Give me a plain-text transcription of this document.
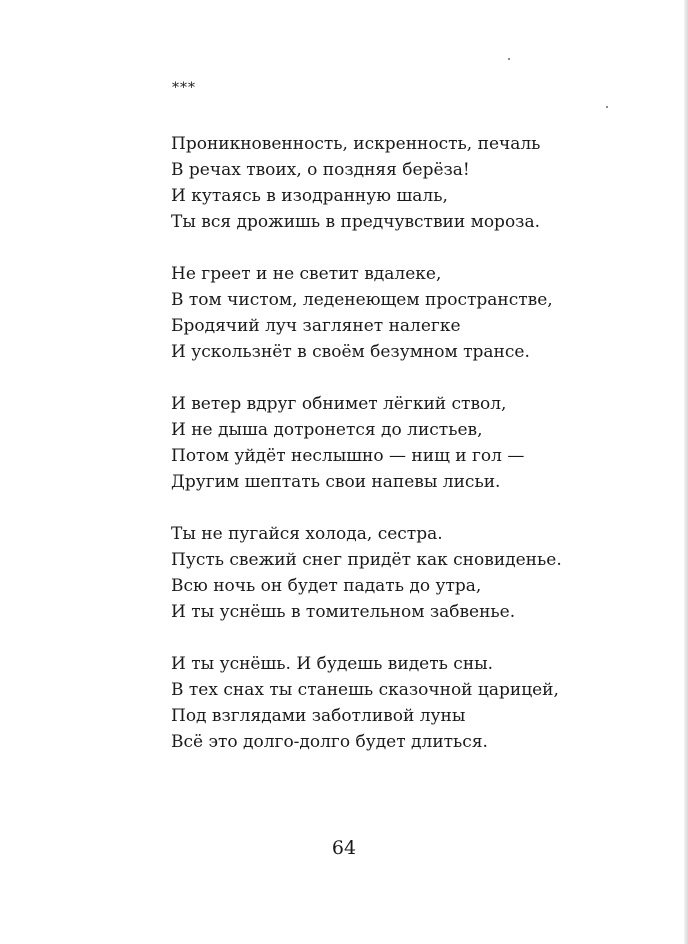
***
Проникновенность, искренность, печаль
В речах твоих, о поздняя берёза!
И кутаясь в изодранную шаль,
Ты вся дрожишь в предчувствии мороза.
Не греет и не светит вдалеке,
В том чистом, леденеющем пространстве,
Бродячий луч заглянет налегке
И ускользнёт в своём безумном трансе.
И ветер вдруг обнимет лёгкий ствол,
И не дыша дотронется до листьев,
Потом уйдёт неслышно — нищ и гол —
Другим шептать свои напевы лисьи.
Ты не пугайся холода, сестра.
Пусть свежий снег придёт как сновиденье.
Всю ночь он будет падать до утра,
И ты уснёшь в томительном забвенье.
И ты уснёшь. И будешь видеть сны.
В тех снах ты станешь сказочной царицей,
Под взглядами заботливой луны
Всё это долго-долго будет длиться.
64
